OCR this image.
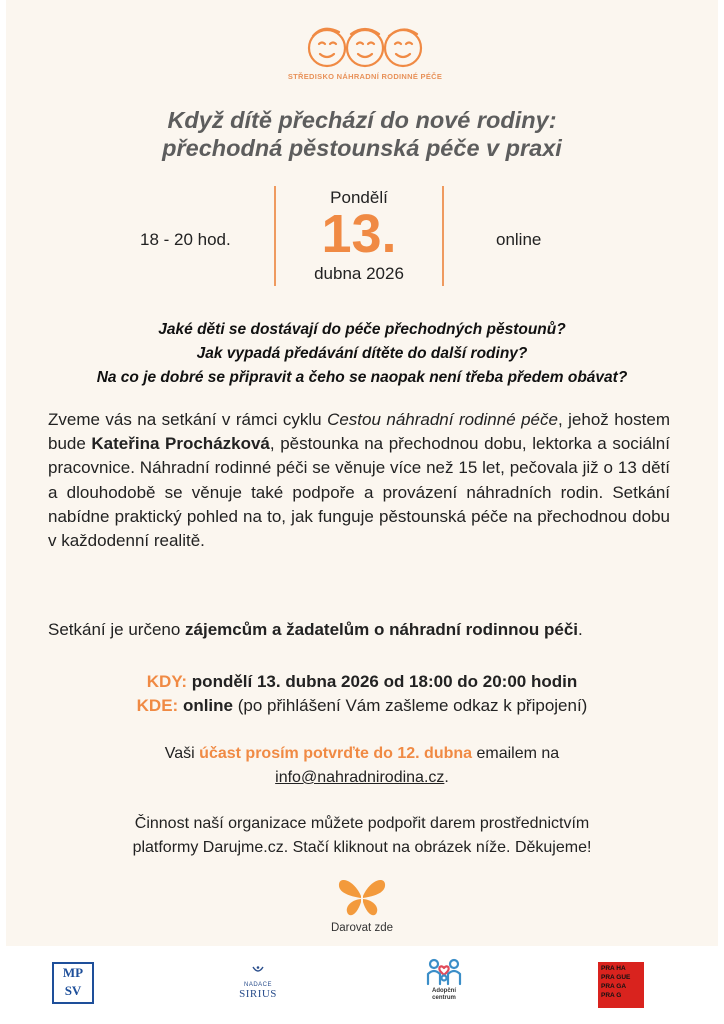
STŘEDISKO NÁHRADNÍ RODINNÉ PÉČE
Když dítě přechází do nové rodiny:
přechodná pěstounská péče v praxi
18 - 20 hod.
Pondělí
13.
dubna 2026
online
Jaké děti se dostávají do péče přechodných pěstounů?
Jak vypadá předávání dítěte do další rodiny?
Na co je dobré se připravit a čeho se naopak není třeba předem obávat?
Zveme vás na setkání v rámci cyklu Cestou náhradní rodinné péče, jehož hostem bude Kateřina Procházková, pěstounka na přechodnou dobu, lektorka a sociální pracovnice. Náhradní rodinné péči se věnuje více než 15 let, pečovala již o 13 dětí a dlouhodobě se věnuje také podpoře a provázení náhradních rodin. Setkání nabídne praktický pohled na to, jak funguje pěstounská péče na přechodnou dobu v každodenní realitě.
Setkání je určeno zájemcům a žadatelům o náhradní rodinnou péči.
KDY: pondělí 13. dubna 2026 od 18:00 do 20:00 hodin
KDE: online (po přihlášení Vám zašleme odkaz k připojení)
Vaši účast prosím potvrďte do 12. dubna emailem na
info@nahradnirodina.cz.
Činnost naší organizace můžete podpořit darem prostřednictvím
platformy Darujme.cz. Stačí kliknout na obrázek níže. Děkujeme!
Darovat zde
MP
SV	NADACE
SIRIUS	Adopční
centrum
PRA HA
PRA GUE
PRA GA
PRA G
